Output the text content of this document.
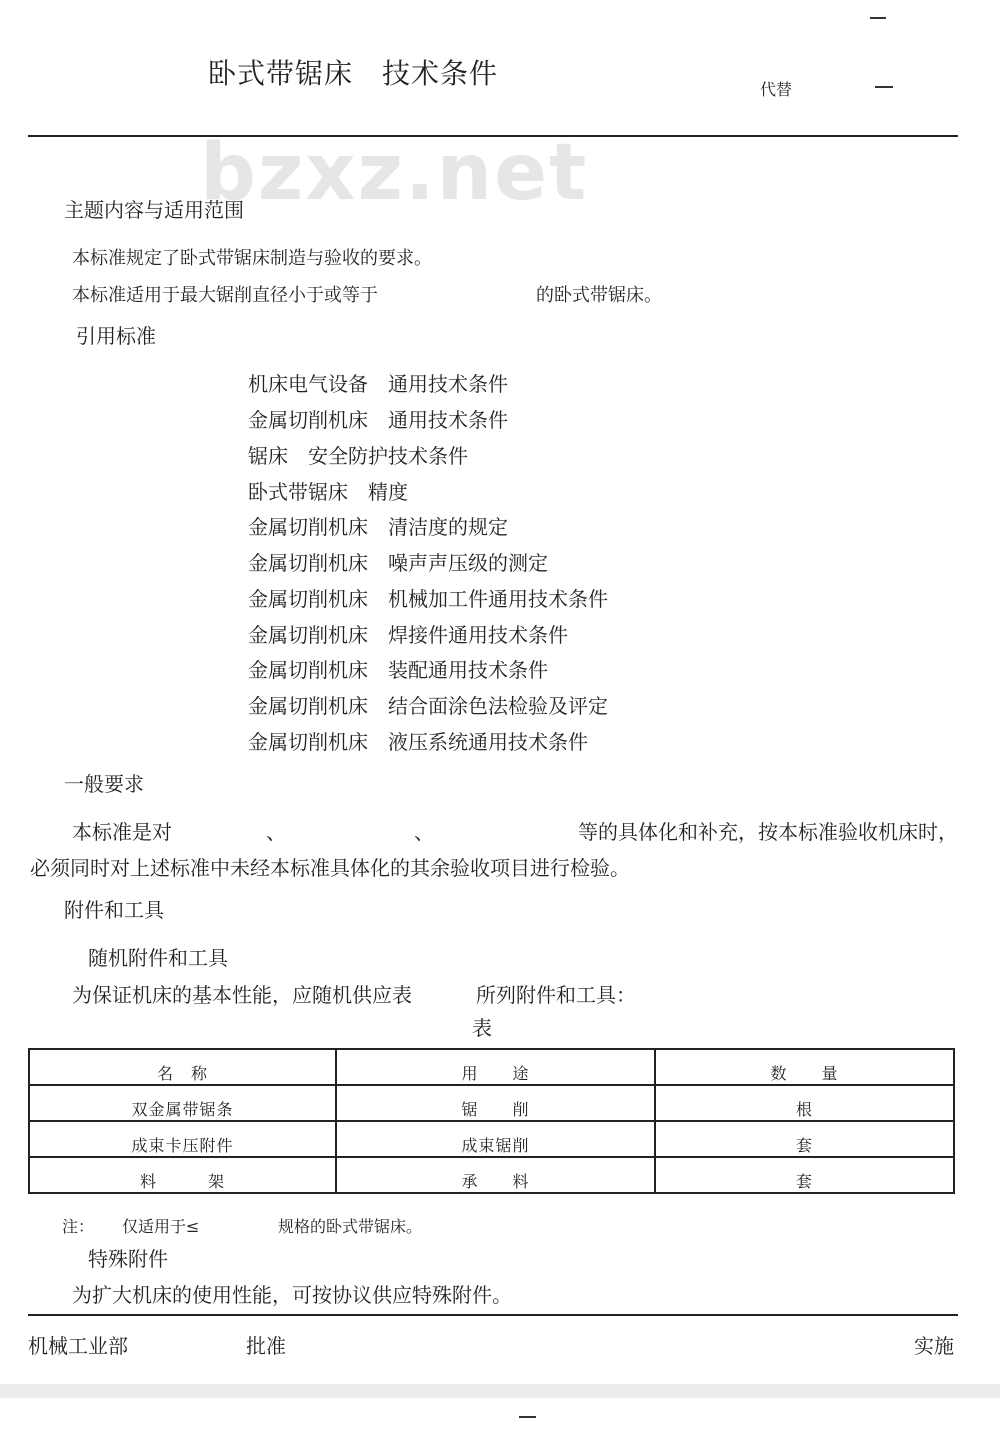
卧式带锯床　技术条件	代替
bzxz.net
主题内容与适用范围
本标准规定了卧式带锯床制造与验收的要求。
本标准适用于最大锯削直径小于或等于	的卧式带锯床。
引用标准
机床电气设备　通用技术条件
金属切削机床　通用技术条件
锯床　安全防护技术条件
卧式带锯床　精度
金属切削机床　清洁度的规定
金属切削机床　噪声声压级的测定
金属切削机床　机械加工件通用技术条件
金属切削机床　焊接件通用技术条件
金属切削机床　装配通用技术条件
金属切削机床　结合面涂色法检验及评定
金属切削机床　液压系统通用技术条件
一般要求
本标准是对	、	、	等的具体化和补充，按本标准验收机床时，
必须同时对上述标准中未经本标准具体化的其余验收项目进行检验。
附件和工具
随机附件和工具
为保证机床的基本性能，应随机供应表	所列附件和工具：
表
名　称	用　　途	数　　量
双金属带锯条	锯　　削	根
成束卡压附件	成束锯削	套
料　　　架	承　　料	套
注： 仅适用于≤	规格的卧式带锯床。
特殊附件
为扩大机床的使用性能，可按协议供应特殊附件。
机械工业部	批准	实施
